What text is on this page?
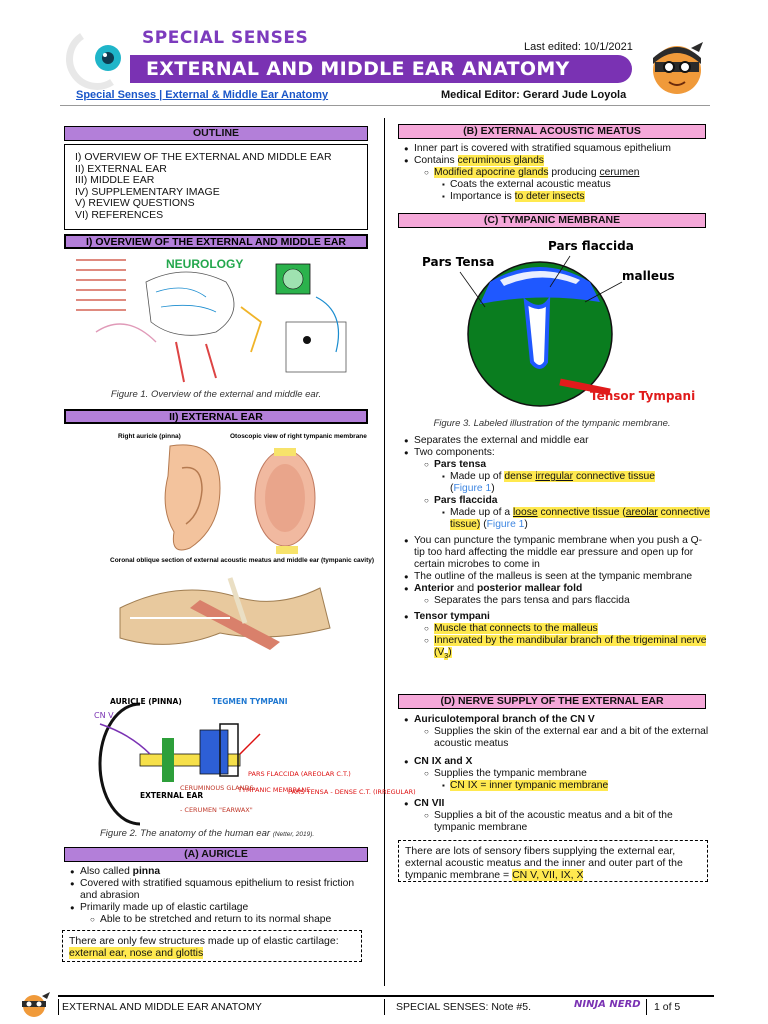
SPECIAL SENSES	Last edited: 10/1/2021
EXTERNAL AND MIDDLE EAR ANATOMY
Special Senses | External & Middle Ear Anatomy	Medical Editor: Gerard Jude Loyola
OUTLINE
I) OVERVIEW OF THE EXTERNAL AND MIDDLE EAR
II) EXTERNAL EAR
III) MIDDLE EAR
IV) SUPPLEMENTARY IMAGE
V) REVIEW QUESTIONS
VI) REFERENCES
I) OVERVIEW OF THE EXTERNAL AND MIDDLE EAR
NEUROLOGY
Figure 1. Overview of the external and middle ear.
II) EXTERNAL EAR
Right auricle (pinna)	Otoscopic view of right tympanic membrane
Coronal oblique section of external acoustic meatus and middle ear (tympanic cavity)
AURICLE (PINNA)	TEGMEN TYMPANI
CN V
PARS FLACCIDA (AREOLAR C.T.)
PARS TENSA - DENSE C.T. (IRREGULAR)
EXTERNAL EAR
TYMPANIC MEMBRANE
CERUMINOUS GLANDS
- CERUMEN "EARWAX"
Figure 2. The anatomy of the human ear (Netter, 2019).
(A) AURICLE
● Also called pinna
● Covered with stratified squamous epithelium to resist friction and abrasion
● Primarily made up of elastic cartilage
○ Able to be stretched and return to its normal shape
There are only few structures made up of elastic cartilage: external ear, nose and glottis
(B) EXTERNAL ACOUSTIC MEATUS
● Inner part is covered with stratified squamous epithelium
● Contains ceruminous glands
○ Modified apocrine glands producing cerumen
▪ Coats the external acoustic meatus
▪ Importance is to deter insects
(C) TYMPANIC MEMBRANE
Pars Tensa
Pars flaccida
malleus
Tensor Tympani
Figure 3. Labeled illustration of the tympanic membrane.
● Separates the external and middle ear
● Two components:
○ Pars tensa
▪ Made up of dense irregular connective tissue
(Figure 1)
○ Pars flaccida
▪ Made up of a loose connective tissue (areolar connective tissue) (Figure 1)
● You can puncture the tympanic membrane when you push a Q-tip too hard affecting the middle ear pressure and open up for certain microbes to come in
● The outline of the malleus is seen at the tympanic membrane
● Anterior and posterior mallear fold
○ Separates the pars tensa and pars flaccida
● Tensor tympani
○ Muscle that connects to the malleus
○ Innervated by the mandibular branch of the trigeminal nerve $(V_3)$
(D) NERVE SUPPLY OF THE EXTERNAL EAR
● Auriculotemporal branch of the CN V
○ Supplies the skin of the external ear and a bit of the external acoustic meatus
● CN IX and X
○ Supplies the tympanic membrane
▪ CN IX = inner tympanic membrane
● CN VII
○ Supplies a bit of the acoustic meatus and a bit of the tympanic membrane
There are lots of sensory fibers supplying the external ear, external acoustic meatus and the inner and outer part of the tympanic membrane = CN V, VII, IX, X
EXTERNAL AND MIDDLE EAR ANATOMY	SPECIAL SENSES: Note #5.	NINJA NERD 1 of 5
